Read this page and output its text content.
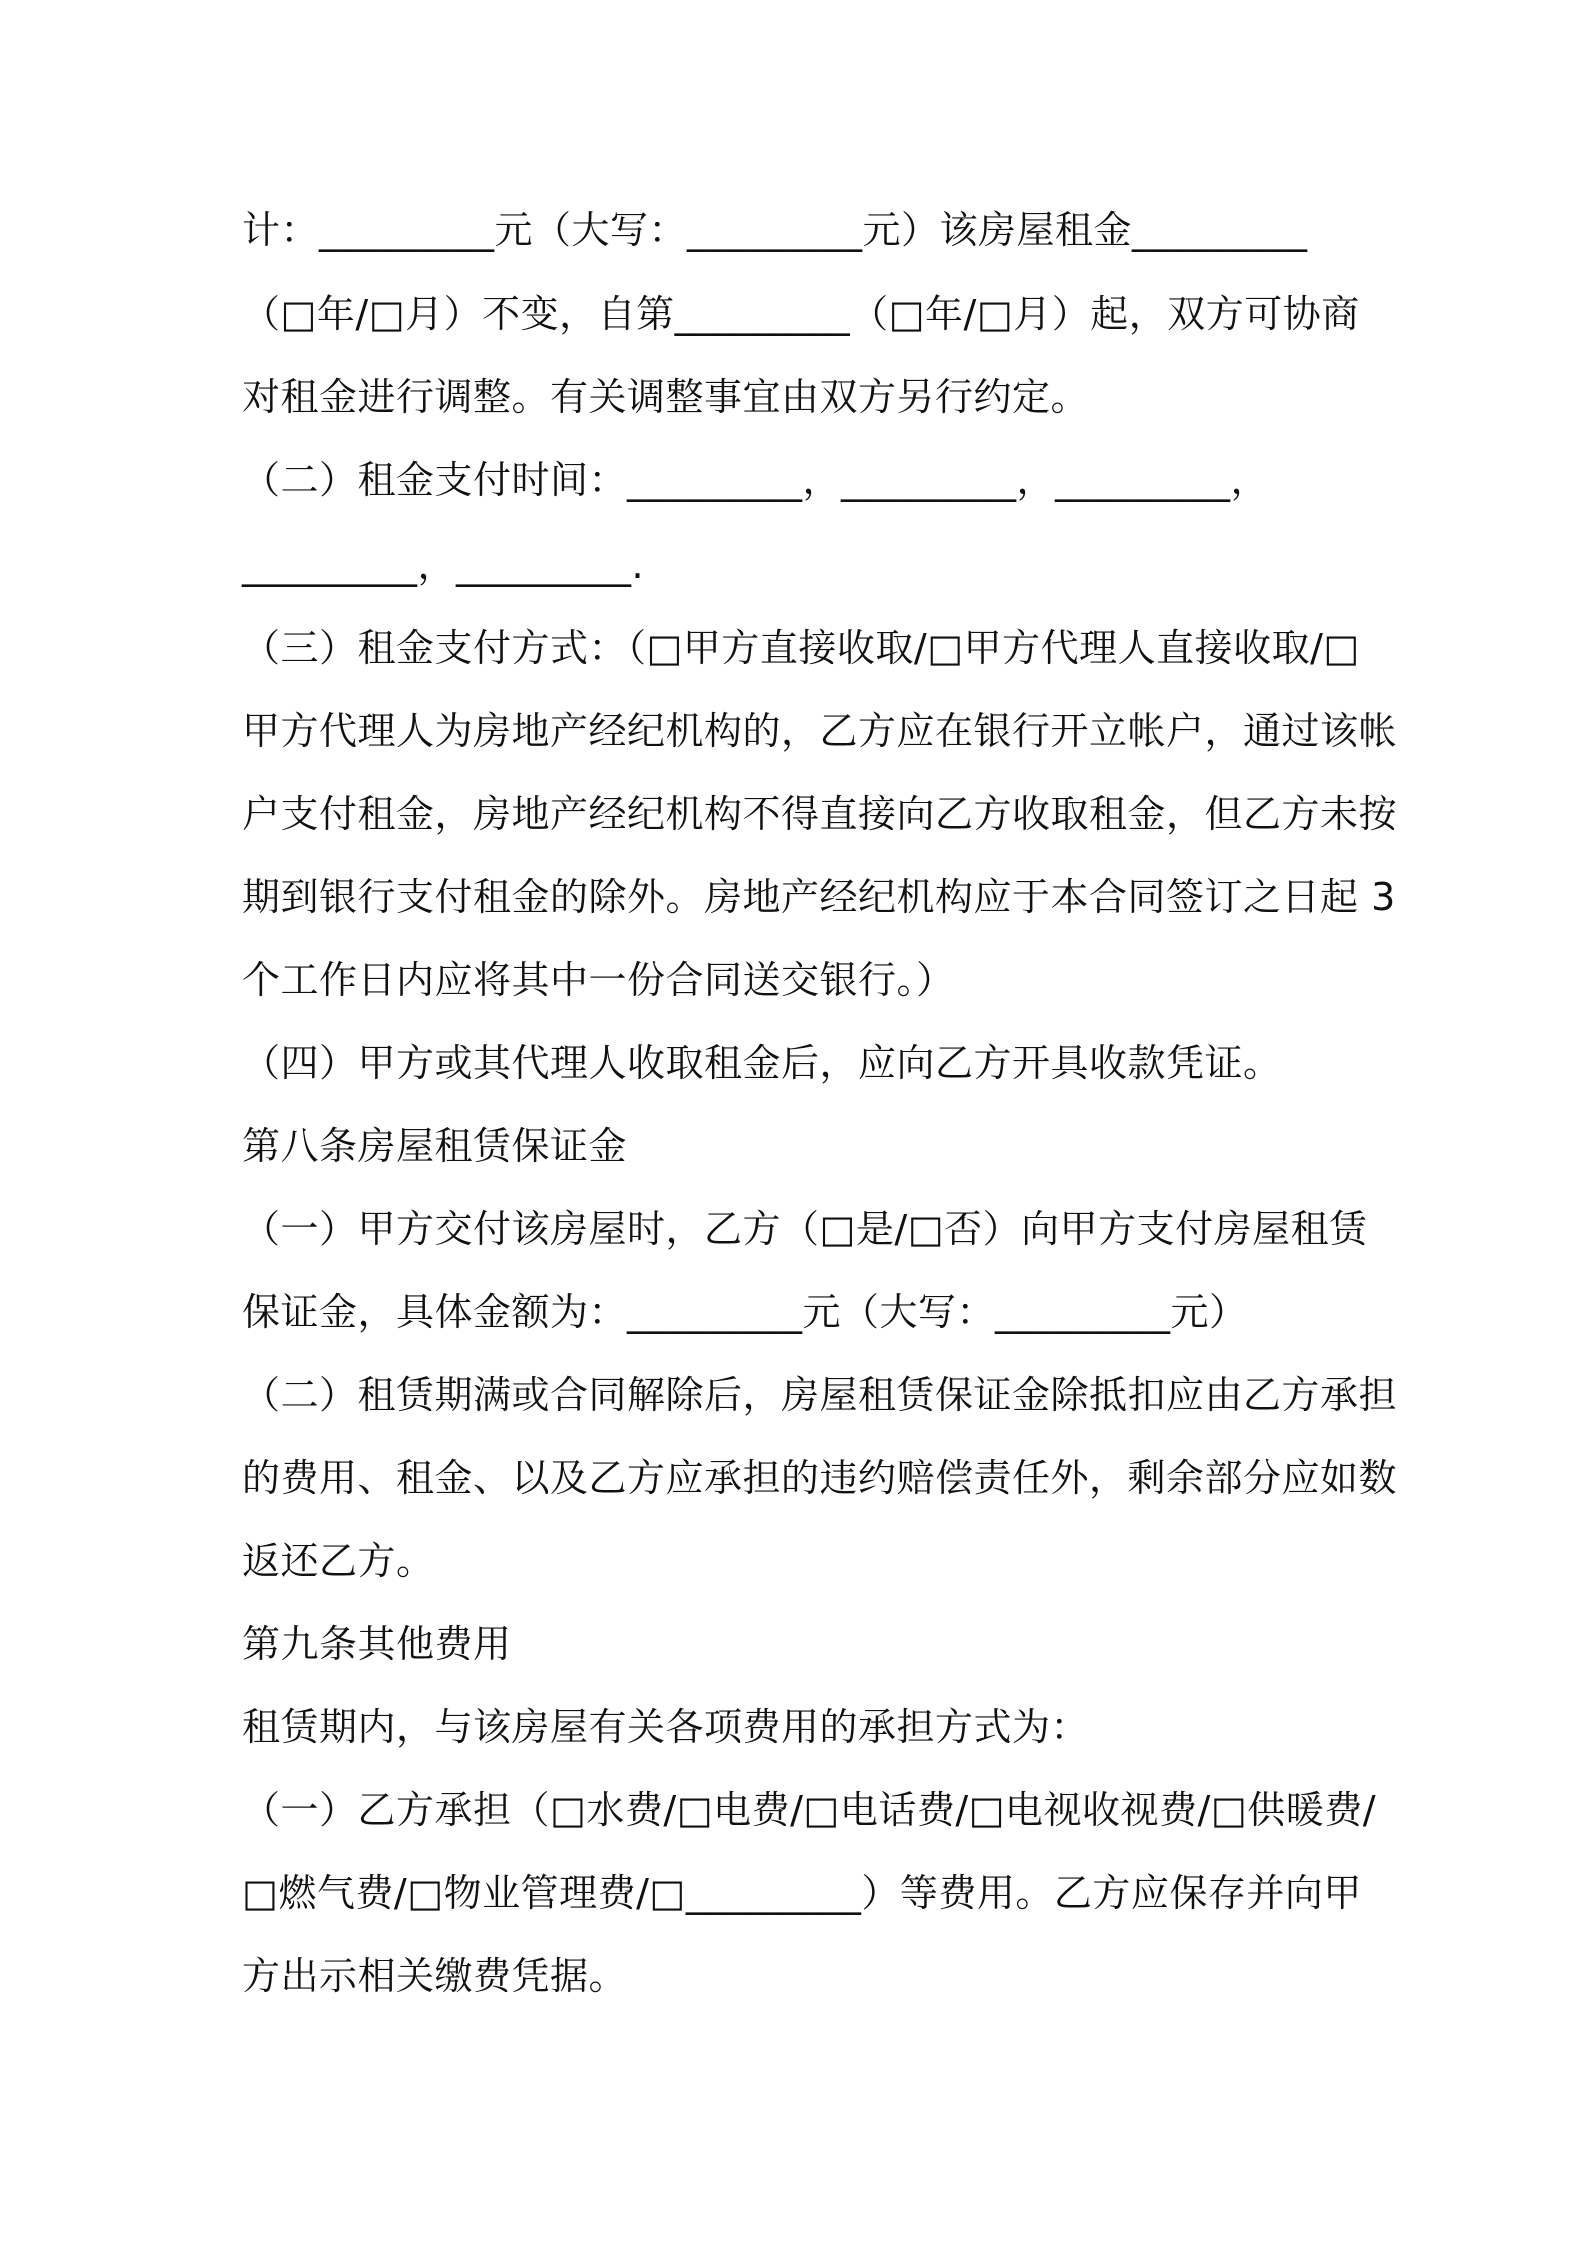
计：_________元（大写：_________元）该房屋租金_________
（□年/□月）不变，自第_________（□年/□月）起，双方可协商
对租金进行调整。有关调整事宜由双方另行约定。
（二）租金支付时间：_________，_________，_________，
_________，_________.
（三）租金支付方式：（□甲方直接收取/□甲方代理人直接收取/□
甲方代理人为房地产经纪机构的，乙方应在银行开立帐户，通过该帐
户支付租金，房地产经纪机构不得直接向乙方收取租金，但乙方未按
期到银行支付租金的除外。房地产经纪机构应于本合同签订之日起 3
个工作日内应将其中一份合同送交银行。）
（四）甲方或其代理人收取租金后，应向乙方开具收款凭证。
第八条房屋租赁保证金
（一）甲方交付该房屋时，乙方（□是/□否）向甲方支付房屋租赁
保证金，具体金额为：_________元（大写：_________元）
（二）租赁期满或合同解除后，房屋租赁保证金除抵扣应由乙方承担
的费用、租金、以及乙方应承担的违约赔偿责任外，剩余部分应如数
返还乙方。
第九条其他费用
租赁期内，与该房屋有关各项费用的承担方式为：
（一）乙方承担（□水费/□电费/□电话费/□电视收视费/□供暖费/
□燃气费/□物业管理费/□_________）等费用。乙方应保存并向甲
方出示相关缴费凭据。
